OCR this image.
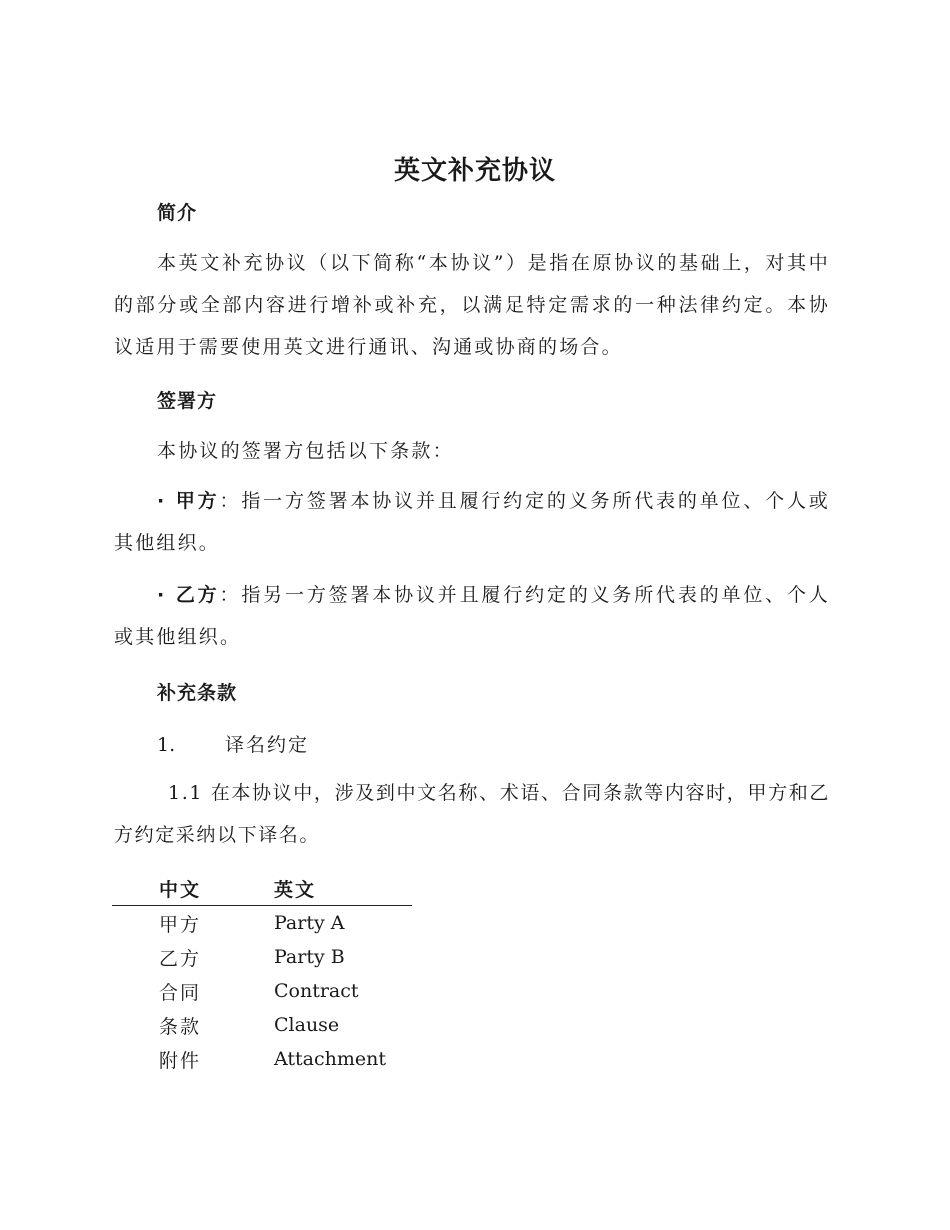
英文补充协议
简介

本英文补充协议（以下简称“本协议”）是指在原协议的基础上，对其中的部分或全部内容进行增补或补充，以满足特定需求的一种法律约定。本协议适用于需要使用英文进行通讯、沟通或协商的场合。

签署方

本协议的签署方包括以下条款：

· 甲方：指一方签署本协议并且履行约定的义务所代表的单位、个人或其他组织。

· 乙方：指另一方签署本协议并且履行约定的义务所代表的单位、个人或其他组织。

补充条款

1.	译名约定

1.1 在本协议中，涉及到中文名称、术语、合同条款等内容时，甲方和乙方约定采纳以下译名。

中文	英文
甲方	Party A
乙方	Party B
合同	Contract
条款	Clause
附件	Attachment
